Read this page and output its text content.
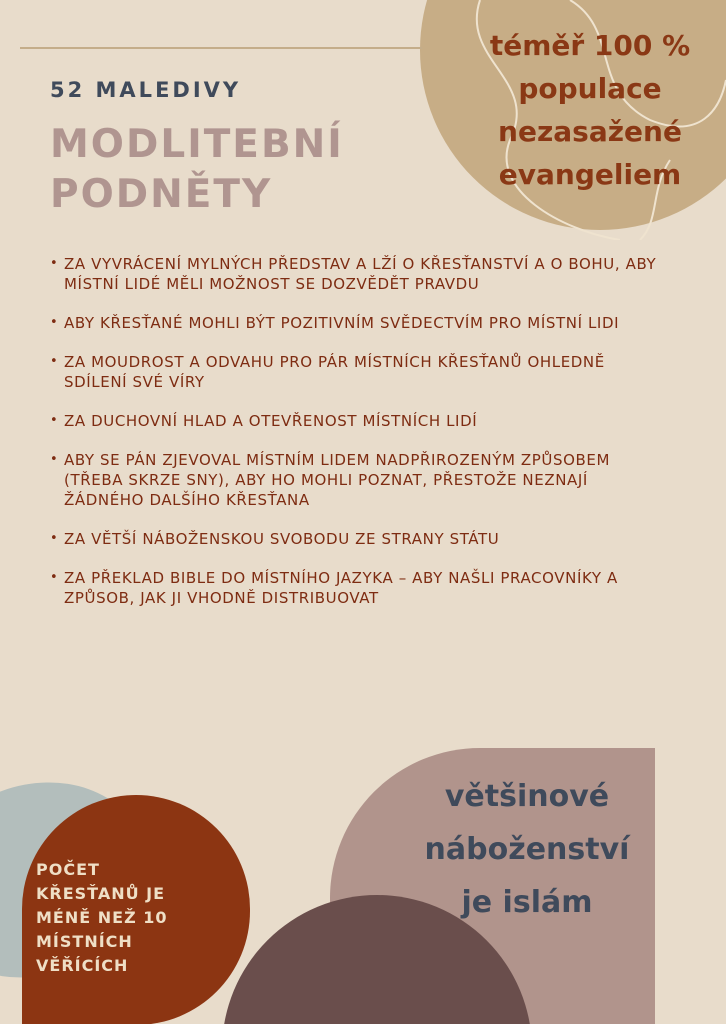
téměř 100 %
populace
nezasažené
evangeliem
52 MALEDIVY
MODLITEBNÍ
PODNĚTY
• ZA VYVRÁCENÍ MYLNÝCH PŘEDSTAV A LŽÍ O KŘESŤANSTVÍ A O BOHU, ABY MÍSTNÍ LIDÉ MĚLI MOŽNOST SE DOZVĚDĚT PRAVDU
• ABY KŘESŤANÉ MOHLI BÝT POZITIVNÍM SVĚDECTVÍM PRO MÍSTNÍ LIDI
• ZA MOUDROST A ODVAHU PRO PÁR MÍSTNÍCH KŘESŤANŮ OHLEDNĚ SDÍLENÍ SVÉ VÍRY
• ZA DUCHOVNÍ HLAD A OTEVŘENOST MÍSTNÍCH LIDÍ
• ABY SE PÁN ZJEVOVAL MÍSTNÍM LIDEM NADPŘIROZENÝM ZPŮSOBEM (TŘEBA SKRZE SNY), ABY HO MOHLI POZNAT, PŘESTOŽE NEZNAJÍ ŽÁDNÉHO DALŠÍHO KŘESŤANA
• ZA VĚTŠÍ NÁBOŽENSKOU SVOBODU ZE STRANY STÁTU
• ZA PŘEKLAD BIBLE DO MÍSTNÍHO JAZYKA – ABY NAŠLI PRACOVNÍKY A ZPŮSOB, JAK JI VHODNĚ DISTRIBUOVAT
POČET
KŘESŤANŮ JE
MÉNĚ NEŽ 10
MÍSTNÍCH
VĚŘÍCÍCH
většinové
náboženství
je islám
